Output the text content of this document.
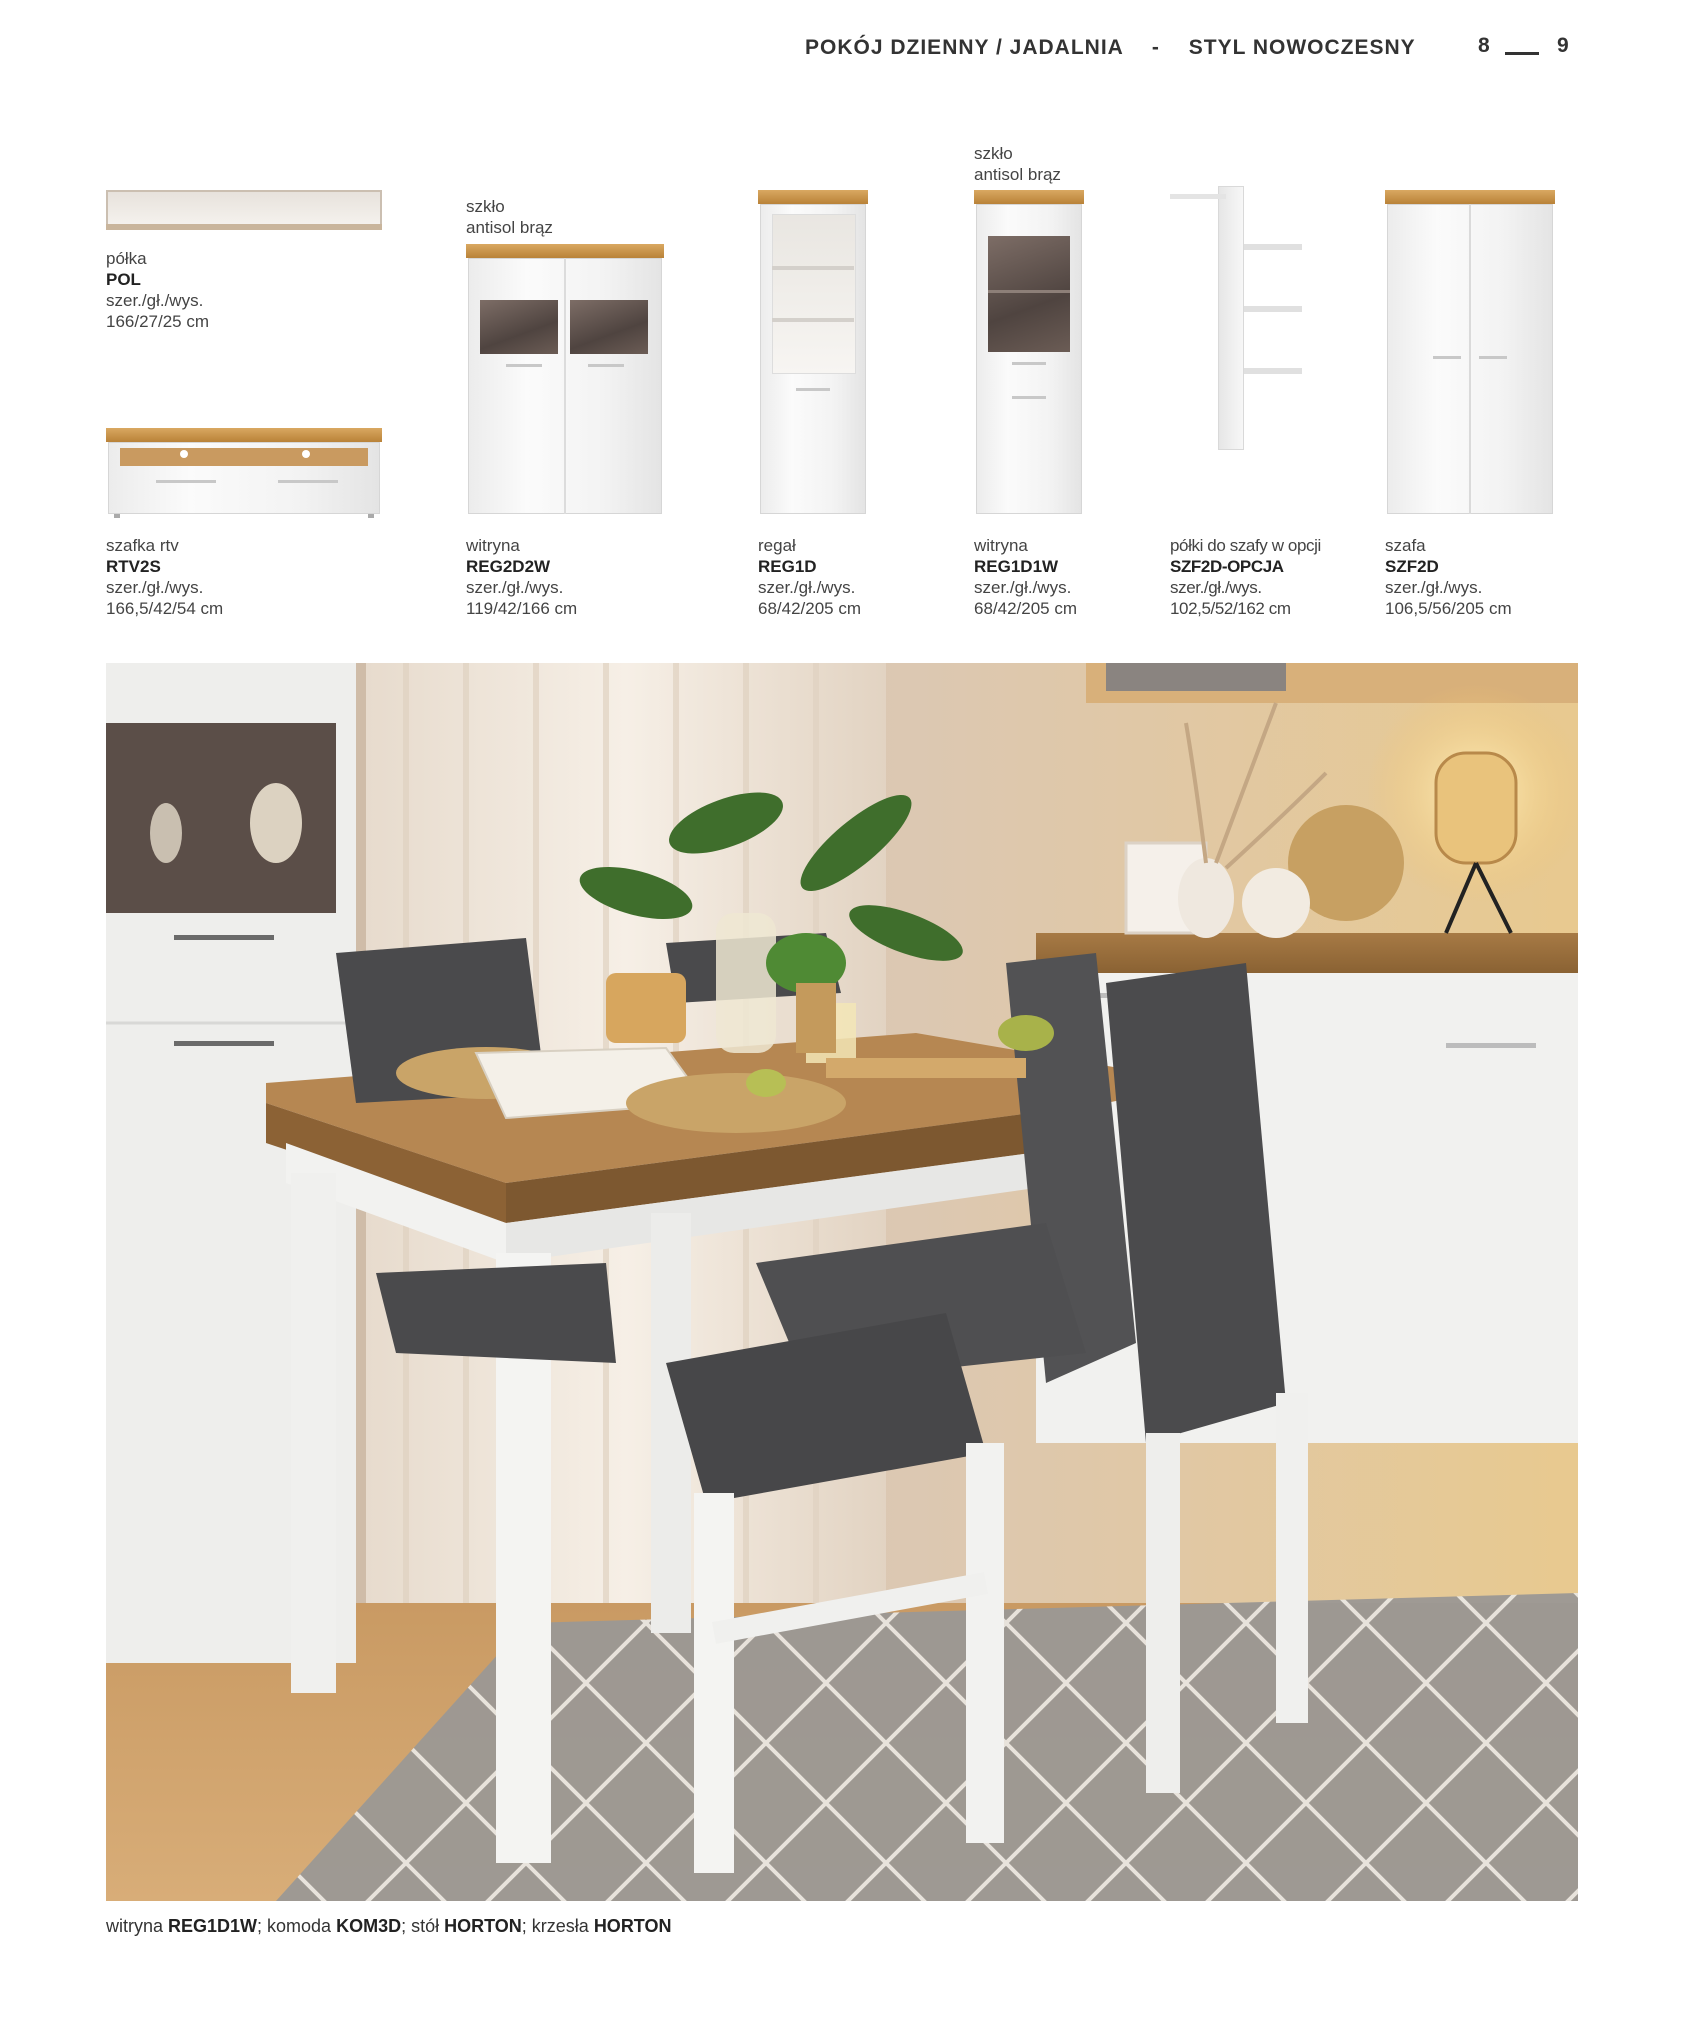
POKÓJ DZIENNY / JADALNIA - STYL NOWOCZESNY	8	9
półka
POL
szer./gł./wys.
166/27/25 cm
szafka rtv
RTV2S
szer./gł./wys.
166,5/42/54 cm
szkło
antisol brąz
witryna
REG2D2W
szer./gł./wys.
119/42/166 cm
regał
REG1D
szer./gł./wys.
68/42/205 cm
szkło
antisol brąz
witryna
REG1D1W
szer./gł./wys.
68/42/205 cm
półki do szafy w opcji
SZF2D-OPCJA
szer./gł./wys.
102,5/52/162 cm
szafa
SZF2D
szer./gł./wys.
106,5/56/205 cm
witryna REG1D1W; komoda KOM3D; stół HORTON; krzesła HORTON
